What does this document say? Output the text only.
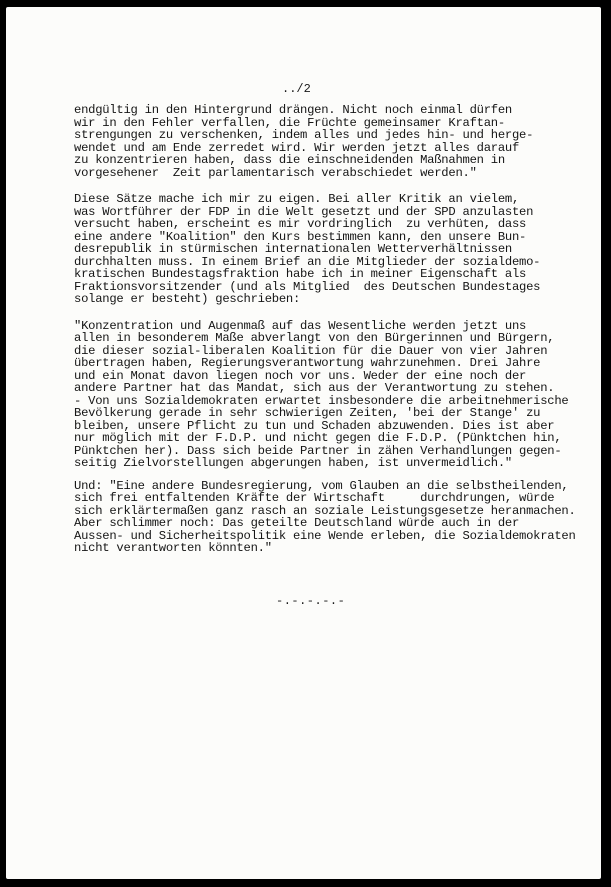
../2
endgültig in den Hintergrund drängen. Nicht noch einmal dürfen
wir in den Fehler verfallen, die Früchte gemeinsamer Kraftan-
strengungen zu verschenken, indem alles und jedes hin- und herge-
wendet und am Ende zerredet wird. Wir werden jetzt alles darauf
zu konzentrieren haben, dass die einschneidenden Maßnahmen in
vorgesehener  Zeit parlamentarisch verabschiedet werden."
Diese Sätze mache ich mir zu eigen. Bei aller Kritik an vielem,
was Wortführer der FDP in die Welt gesetzt und der SPD anzulasten
versucht haben, erscheint es mir vordringlich  zu verhüten, dass
eine andere "Koalition" den Kurs bestimmen kann, den unsere Bun-
desrepublik in stürmischen internationalen Wetterverhältnissen
durchhalten muss. In einem Brief an die Mitglieder der sozialdemo-
kratischen Bundestagsfraktion habe ich in meiner Eigenschaft als
Fraktionsvorsitzender (und als Mitglied  des Deutschen Bundestages
solange er besteht) geschrieben:
"Konzentration und Augenmaß auf das Wesentliche werden jetzt uns
allen in besonderem Maße abverlangt von den Bürgerinnen und Bürgern,
die dieser sozial-liberalen Koalition für die Dauer von vier Jahren
übertragen haben, Regierungsverantwortung wahrzunehmen. Drei Jahre
und ein Monat davon liegen noch vor uns. Weder der eine noch der
andere Partner hat das Mandat, sich aus der Verantwortung zu stehen.
- Von uns Sozialdemokraten erwartet insbesondere die arbeitnehmerische
Bevölkerung gerade in sehr schwierigen Zeiten, 'bei der Stange' zu
bleiben, unsere Pflicht zu tun und Schaden abzuwenden. Dies ist aber
nur möglich mit der F.D.P. und nicht gegen die F.D.P. (Pünktchen hin,
Pünktchen her). Dass sich beide Partner in zähen Verhandlungen gegen-
seitig Zielvorstellungen abgerungen haben, ist unvermeidlich."
Und: "Eine andere Bundesregierung, vom Glauben an die selbstheilenden,
sich frei entfaltenden Kräfte der Wirtschaft     durchdrungen, würde
sich erklärtermaßen ganz rasch an soziale Leistungsgesetze heranmachen.
Aber schlimmer noch: Das geteilte Deutschland würde auch in der
Aussen- und Sicherheitspolitik eine Wende erleben, die Sozialdemokraten
nicht verantworten könnten."
-.-.-.-.-
